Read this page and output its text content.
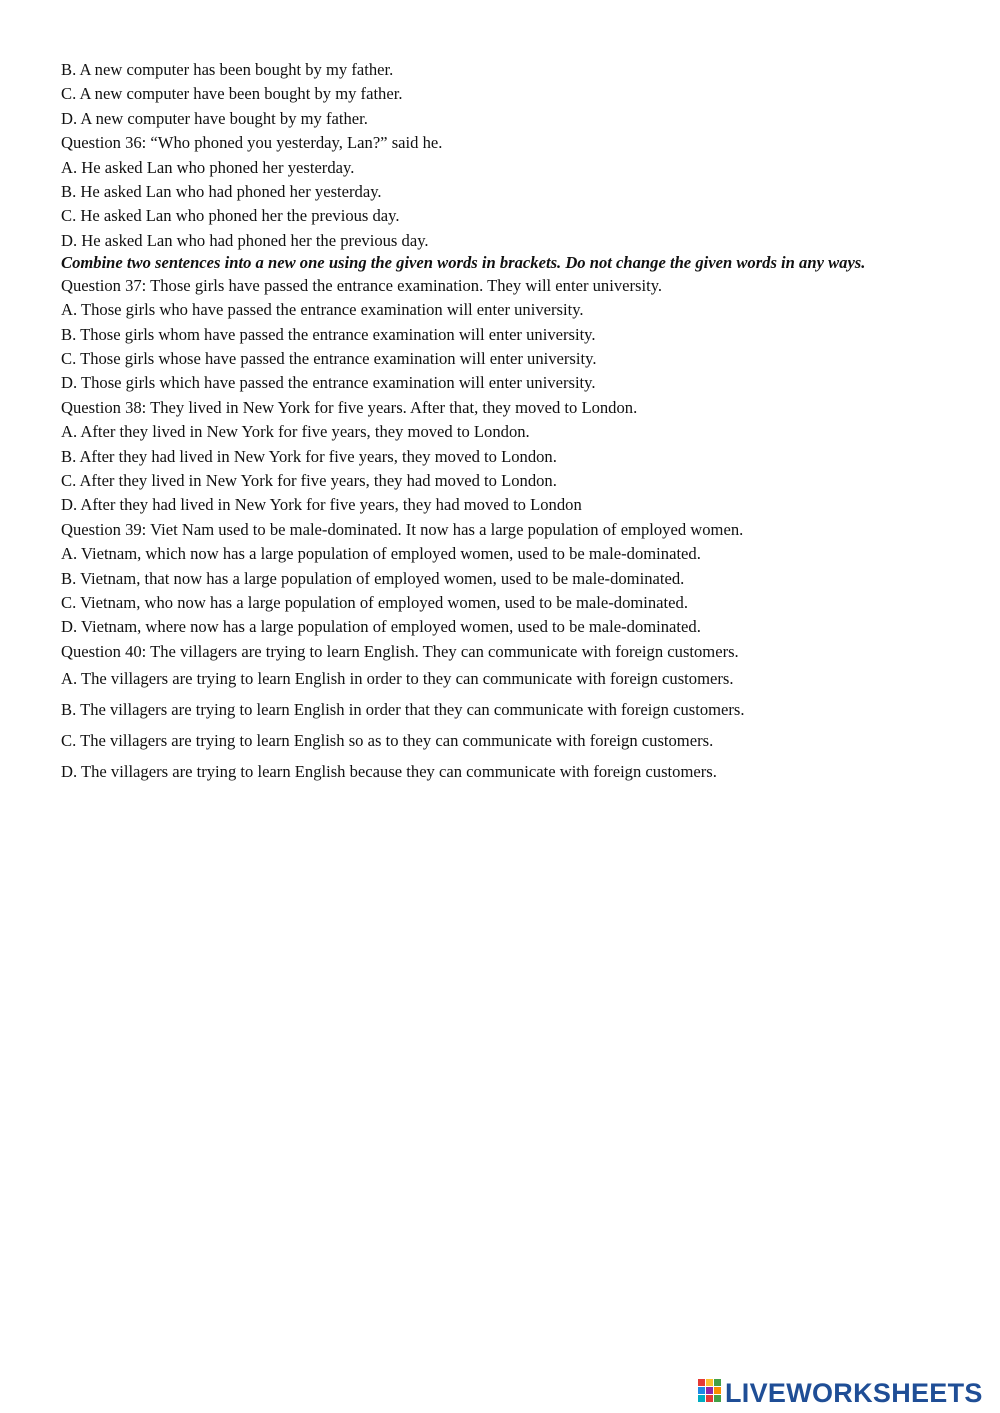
B. A new computer has been bought by my father.
C. A new computer have been bought by my father.
D. A new computer have bought by my father.
Question 36: “Who phoned you yesterday, Lan?” said he.
A. He asked Lan who phoned her yesterday.
B. He asked Lan who had phoned her yesterday.
C. He asked Lan who phoned her the previous day.
D. He asked Lan who had phoned her the previous day.
Combine two sentences into a new one using the given words in brackets. Do not change the given words in any ways.
Question 37: Those girls have passed the entrance examination. They will enter university.
A. Those girls who have passed the entrance examination will enter university.
B. Those girls whom have passed the entrance examination will enter university.
C. Those girls whose have passed the entrance examination will enter university.
D. Those girls which have passed the entrance examination will enter university.
Question 38: They lived in New York for five years. After that, they moved to London.
A. After they lived in New York for five years, they moved to London.
B. After they had lived in New York for five years, they moved to London.
C. After they lived in New York for five years, they had moved to London.
D. After they had lived in New York for five years, they had moved to London
Question 39: Viet Nam used to be male-dominated. It now has a large population of employed women.
A. Vietnam, which now has a large population of employed women, used to be male-dominated.
B. Vietnam, that now has a large population of employed women, used to be male-dominated.
C. Vietnam, who now has a large population of employed women, used to be male-dominated.
D. Vietnam, where now has a large population of employed women, used to be male-dominated.
Question 40: The villagers are trying to learn English. They can communicate with foreign customers.
A. The villagers are trying to learn English in order to they can communicate with foreign customers.
B. The villagers are trying to learn English in order that they can communicate with foreign customers.
C. The villagers are trying to learn English so as to they can communicate with foreign customers.
D. The villagers are trying to learn English because they can communicate with foreign customers.
LIVEWORKSHEETS
